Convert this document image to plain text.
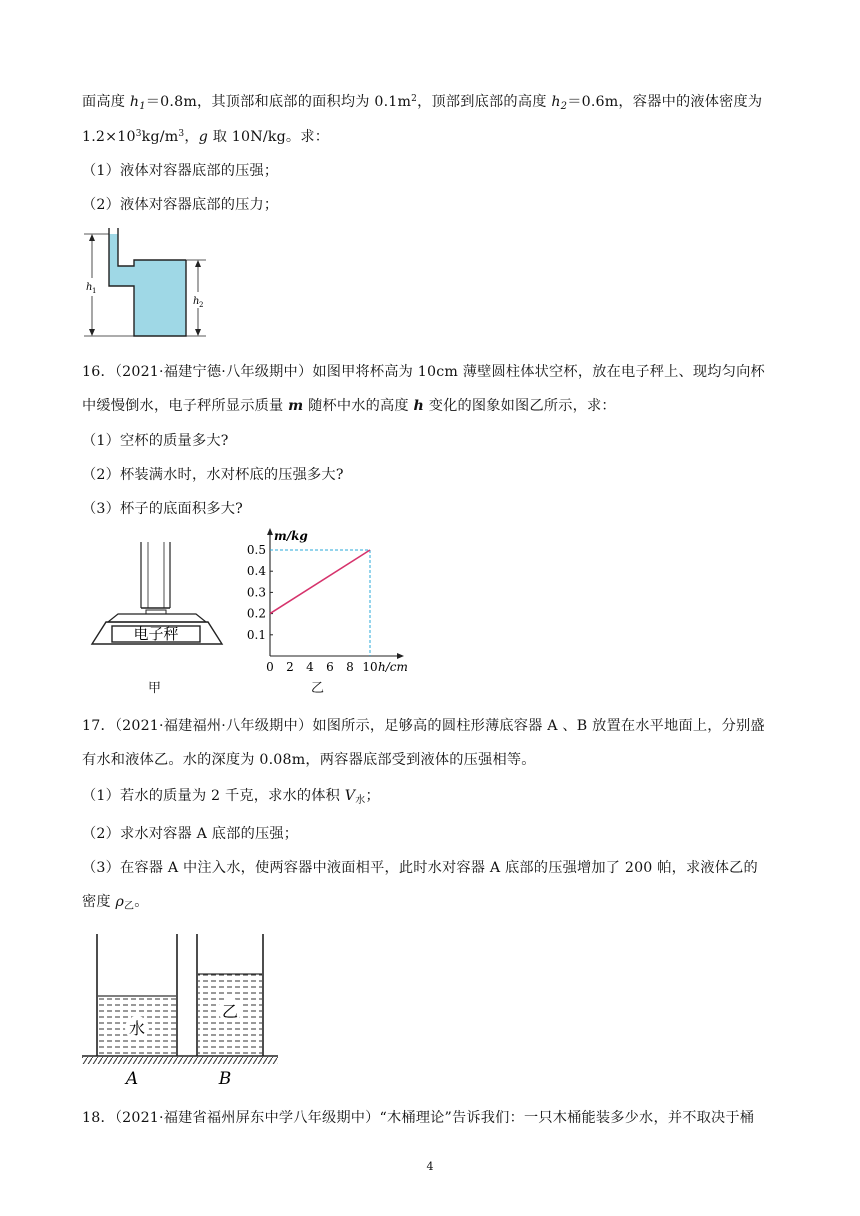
面高度 $h_1=0.8m$，其顶部和底部的面积均为 $0.1m^2$，顶部到底部的高度 $h_2=0.6m$，容器中的液体密度为
$1.2\times 10^3kg/m^3$，g 取 10N/kg。求：
（1）液体对容器底部的压强；
（2）液体对容器底部的压力；
h 1
h 2
16．（2021·福建宁德·八年级期中）如图甲将杯高为 10cm 薄壁圆柱体状空杯，放在电子秤上、现均匀向杯
中缓慢倒水，电子秤所显示质量 m 随杯中水的高度 h 变化的图象如图乙所示，求：
（1）空杯的质量多大?
（2）杯装满水时，水对杯底的压强多大?
（3）杯子的底面积多大?
电子秤
甲
m/kg
h/cm
0 2 4 6 8 10
0.1
0.2
0.3
0.4
0.5
乙
17．（2021·福建福州·八年级期中）如图所示，足够高的圆柱形薄底容器 A 、B 放置在水平地面上，分别盛
有水和液体乙。水的深度为 0.08m，两容器底部受到液体的压强相等。
（1）若水的质量为 2 千克，求水的体积 $V_水$；
（2）求水对容器 A 底部的压强；
（3）在容器 A 中注入水，使两容器中液面相平，此时水对容器 A 底部的压强增加了 200 帕，求液体乙的
密度 $\rho_乙$。
水
乙
A	B
18．（2021·福建省福州屏东中学八年级期中）“木桶理论”告诉我们：一只木桶能装多少水，并不取决于桶
4
